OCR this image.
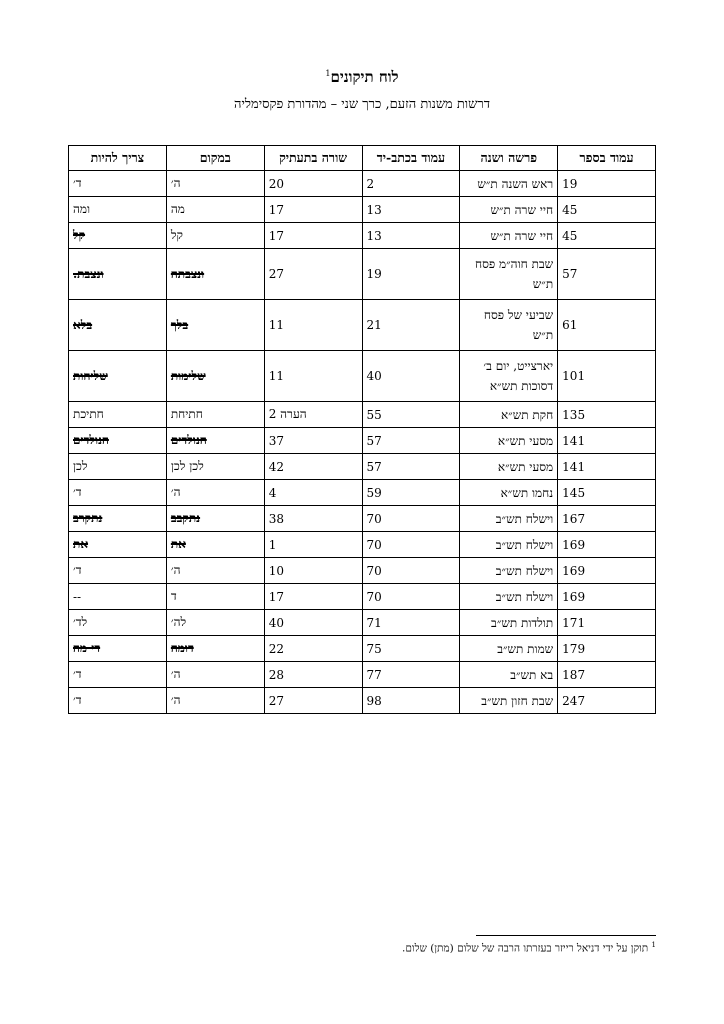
לוח תיקונים$^1$
דרשות משנות הזעם, כרך שני – מהדורת פקסימליה
עמוד בספר	פרשה ושנה	עמוד בכתב-יד	שורה בתעתיק	במקום	צריך להיות
19	ראש השנה ת״ש	2	20	ה׳	ד׳
45	חיי שרה ת״ש	13	17	מה	ומה
45	חיי שרה ת״ש	13	17	קל	קל
57	שבת חוה״מ פסח ת״ש	19	27	ונצבתה	ונצבת.
61	שביעי של פסח ת״ש	21	11	בלך	בלא
101	יארצייט, יום ב׳ דסוכות תש״א	40	11	שלימות	שליחות
135	חקת תש״א	55	הערה 2	חתיחת	חתיכת
141	מסעי תש״א	57	37	הנולדים	הנולדים
141	מסעי תש״א	57	42	לכן לכן	לכן
145	נחמו תש״א	59	4	ה׳	ד׳
167	וישלח תש״ב	70	38	נתקבב	נתקרב
169	וישלח תש״ב	70	1	את	את
169	וישלח תש״ב	70	10	ה׳	ד׳
169	וישלח תש״ב	70	17	ד	--
171	תולדות תש״ב	71	40	לה׳	לד׳
179	שמות תש״ב	75	22	דומה	די מה
187	בא תש״ב	77	28	ה׳	ד׳
247	שבת חזון תש״ב	98	27	ה׳	ד׳
$^1$ תוקן על ידי דניאל רייזר בעזרתו הרבה של שלום (מתן) שלום.
